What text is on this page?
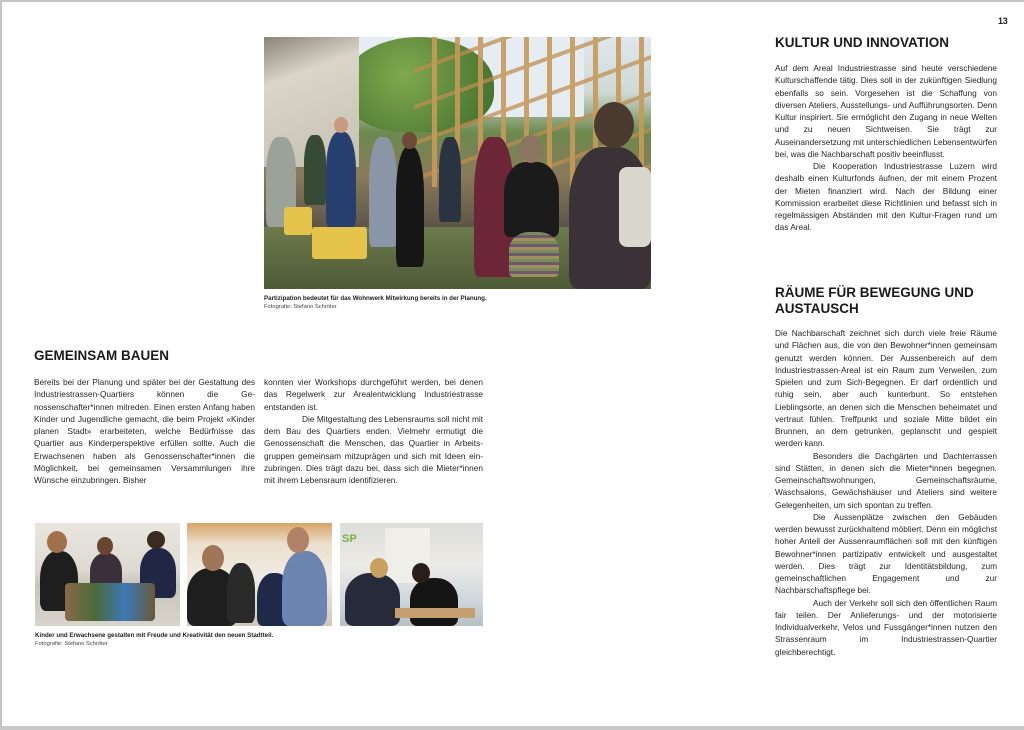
13
Partizipation bedeutet für das Wohnwerk Mitwirkung bereits in der Planung.
Fotografie: Stefano Schröter
GEMEINSAM BAUEN

Bereits bei der Planung und später bei der Gestaltung des Industriestrassen-Quartiers können die Genossenschafter*innen mitreden. Einen ersten Anfang haben Kinder und Jugendliche gemacht, die beim Projekt «Kinder planen Stadt» erarbeiteten, welche Bedürfnisse das Quartier aus Kinderperspektive erfüllen sollte. Auch die Erwachsenen haben als Genossenschafter*innen die Möglichkeit, bei gemeinsamen Versammlungen ihre Wünsche einzubringen. Bisher

konnten vier Workshops durchgeführt werden, bei denen das Regelwerk zur Arealentwicklung Industriestrasse entstanden ist.

Die Mitgestaltung des Lebensraums soll nicht mit dem Bau des Quartiers enden. Vielmehr ermutigt die Genossenschaft die Menschen, das Quartier in Arbeitsgruppen gemeinsam mitzuprägen und sich mit Ideen einzubringen. Dies trägt dazu bei, dass sich die Mieter*innen mit ihrem Lebensraum identifizieren.

SP
Kinder und Erwachsene gestalten mit Freude und Kreativität den neuen Stadtteil.
Fotografie: Stefano Schröter
KULTUR UND INNOVATION

Auf dem Areal Industriestrasse sind heute verschiedene Kulturschaffende tätig. Dies soll in der zukünftigen Siedlung ebenfalls so sein. Vorgesehen ist die Schaffung von diversen Ateliers, Ausstellungs- und Aufführungsorten. Denn Kultur inspiriert. Sie ermöglicht den Zugang in neue Welten und zu neuen Sichtweisen. Sie trägt zur Auseinandersetzung mit unterschiedlichen Lebensentwürfen bei, was die Nachbarschaft positiv beeinflusst.

Die Kooperation Industriestrasse Luzern wird deshalb einen Kulturfonds äufnen, der mit einem Prozent der Mieten finanziert wird. Nach der Bildung einer Kommission erarbeitet diese Richtlinien und befasst sich in regelmässigen Abständen mit den Kultur-Fragen rund um das Areal.

RÄUME FÜR BEWEGUNG UND AUSTAUSCH

Die Nachbarschaft zeichnet sich durch viele freie Räume und Flächen aus, die von den Bewohner*innen gemeinsam genutzt werden können. Der Aussenbereich auf dem Industriestrassen-Areal ist ein Raum zum Verweilen, zum Spielen und zum Sich-Begegnen. Er darf ordentlich und ruhig sein, aber auch kunterbunt. So entstehen Lieblingsorte, an denen sich die Menschen beheimatet und vertraut fühlen. Treffpunkt und soziale Mitte bildet ein Brunnen, an dem getrunken, geplanscht und gespielt werden kann.

Besonders die Dachgärten und Dachterrassen sind Stätten, in denen sich die Mieter*innen begegnen. Gemeinschaftswohnungen, Gemeinschaftsräume, Waschsalons, Gewächshäuser und Ateliers sind weitere Gelegenheiten, um sich spontan zu treffen.

Die Aussenplätze zwischen den Gebäuden werden bewusst zurückhaltend möbliert. Denn ein möglichst hoher Anteil der Aussenraumflächen soll mit den künftigen Bewohner*innen partizipativ entwickelt und ausgestaltet werden. Dies trägt zur Identitätsbildung, zum gemeinschaftlichen Engagement und zur Nachbarschaftspflege bei.

Auch der Verkehr soll sich den öffentlichen Raum fair teilen. Der Anlieferungs- und der motorisierte Individualverkehr, Velos und Fussgänger*innen nutzen den Strassenraum im Industriestrassen-Quartier gleichberechtigt.
